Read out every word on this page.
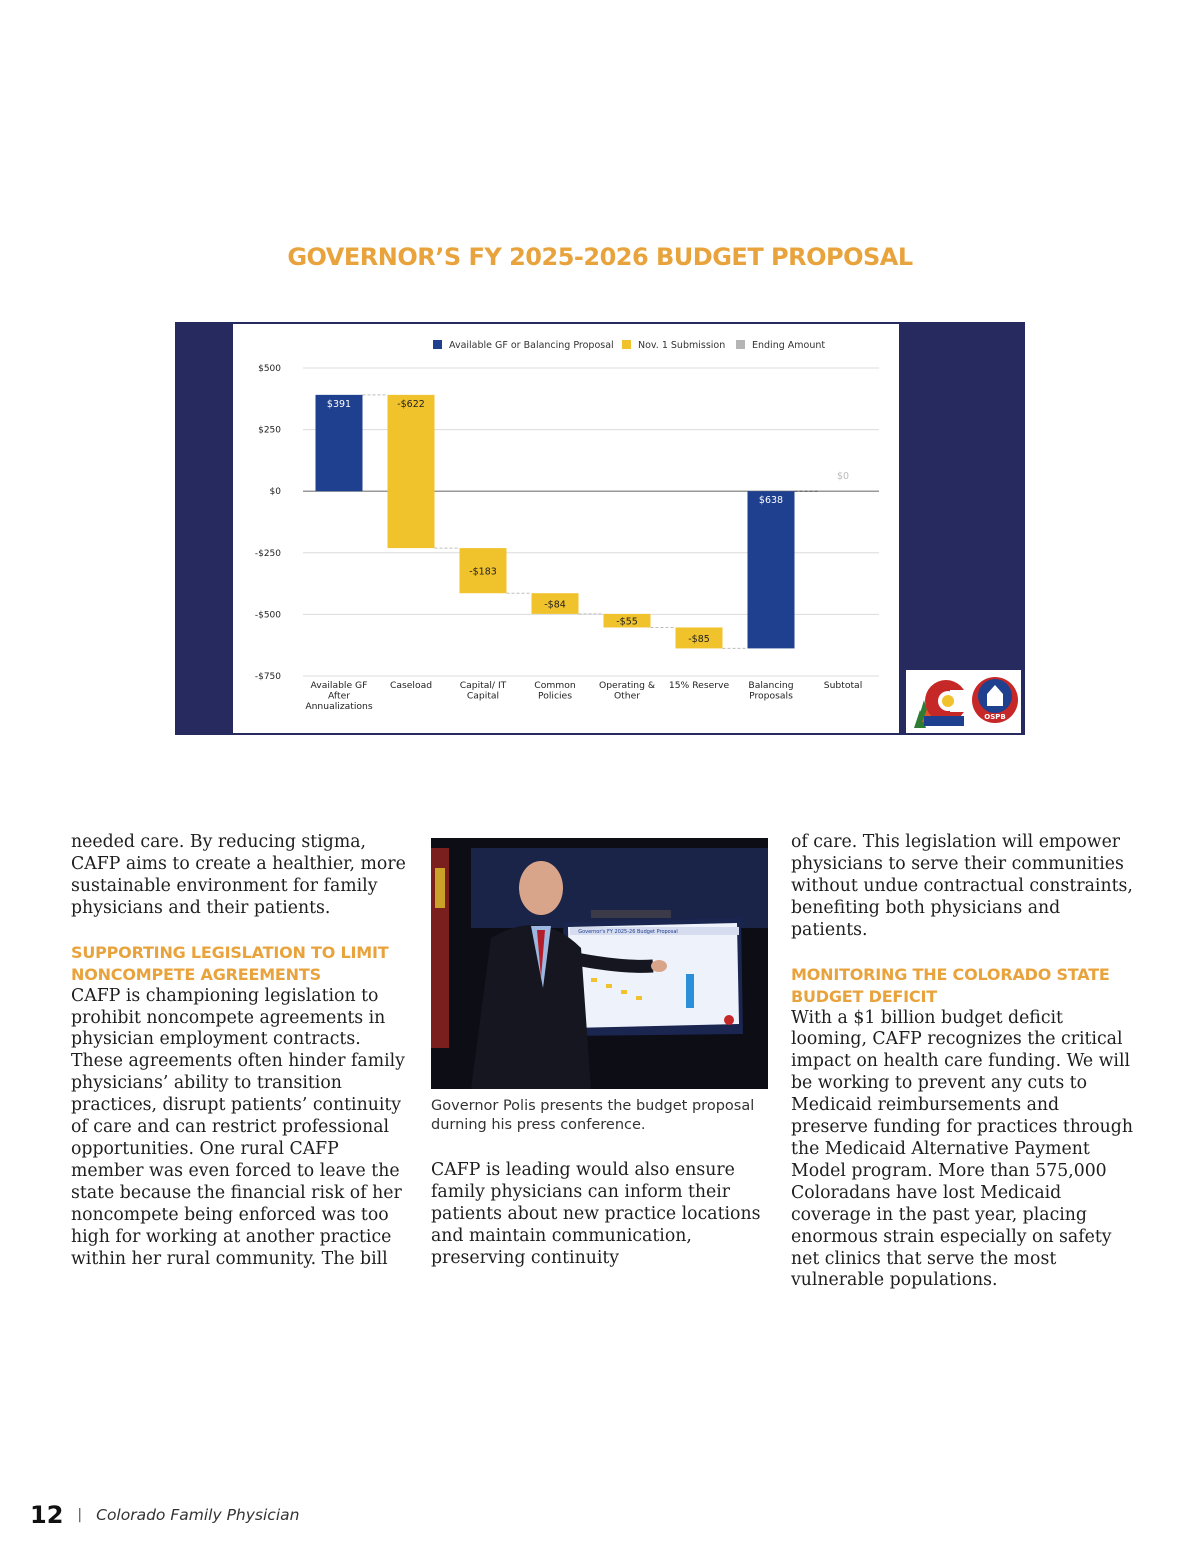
GOVERNOR’S FY 2025-2026 BUDGET PROPOSAL
$500
$250
$0
-$250
-$500
-$750
Available GF or Balancing Proposal	Nov. 1 Submission	Ending Amount
$391
Available GF
After
Annualizations
-$622
Caseload
-$183
Capital/ IT
Capital
-$84
Common
Policies
-$55
Operating &
Other
-$85
15% Reserve
$638
Balancing
Proposals
$0
Subtotal
OSPB

needed care. By reducing stigma, CAFP aims to create a healthier, more sustainable environment for family physicians and their patients.

SUPPORTING LEGISLATION TO LIMIT NONCOMPETE AGREEMENTS

CAFP is championing legislation to prohibit noncompete agreements in physician employment contracts. These agreements often hinder family physicians’ ability to transition practices, disrupt patients’ continuity of care and can restrict professional opportunities. One rural CAFP member was even forced to leave the state because the financial risk of her noncompete being enforced was too high for working at another practice within her rural community. The bill

Governor's FY 2025-26 Budget Proposal
Governor Polis presents the budget proposal durning his press conference.
CAFP is leading would also ensure family physicians can inform their patients about new practice locations and maintain communication, preserving continuity

of care. This legislation will empower physicians to serve their communities without undue contractual constraints, benefiting both physicians and patients.

MONITORING THE COLORADO STATE BUDGET DEFICIT

With a $1 billion budget deficit looming, CAFP recognizes the critical impact on health care funding. We will be working to prevent any cuts to Medicaid reimbursements and preserve funding for practices through the Medicaid Alternative Payment Model program. More than 575,000 Coloradans have lost Medicaid coverage in the past year, placing enormous strain especially on safety net clinics that serve the most vulnerable populations.

12 | Colorado Family Physician
